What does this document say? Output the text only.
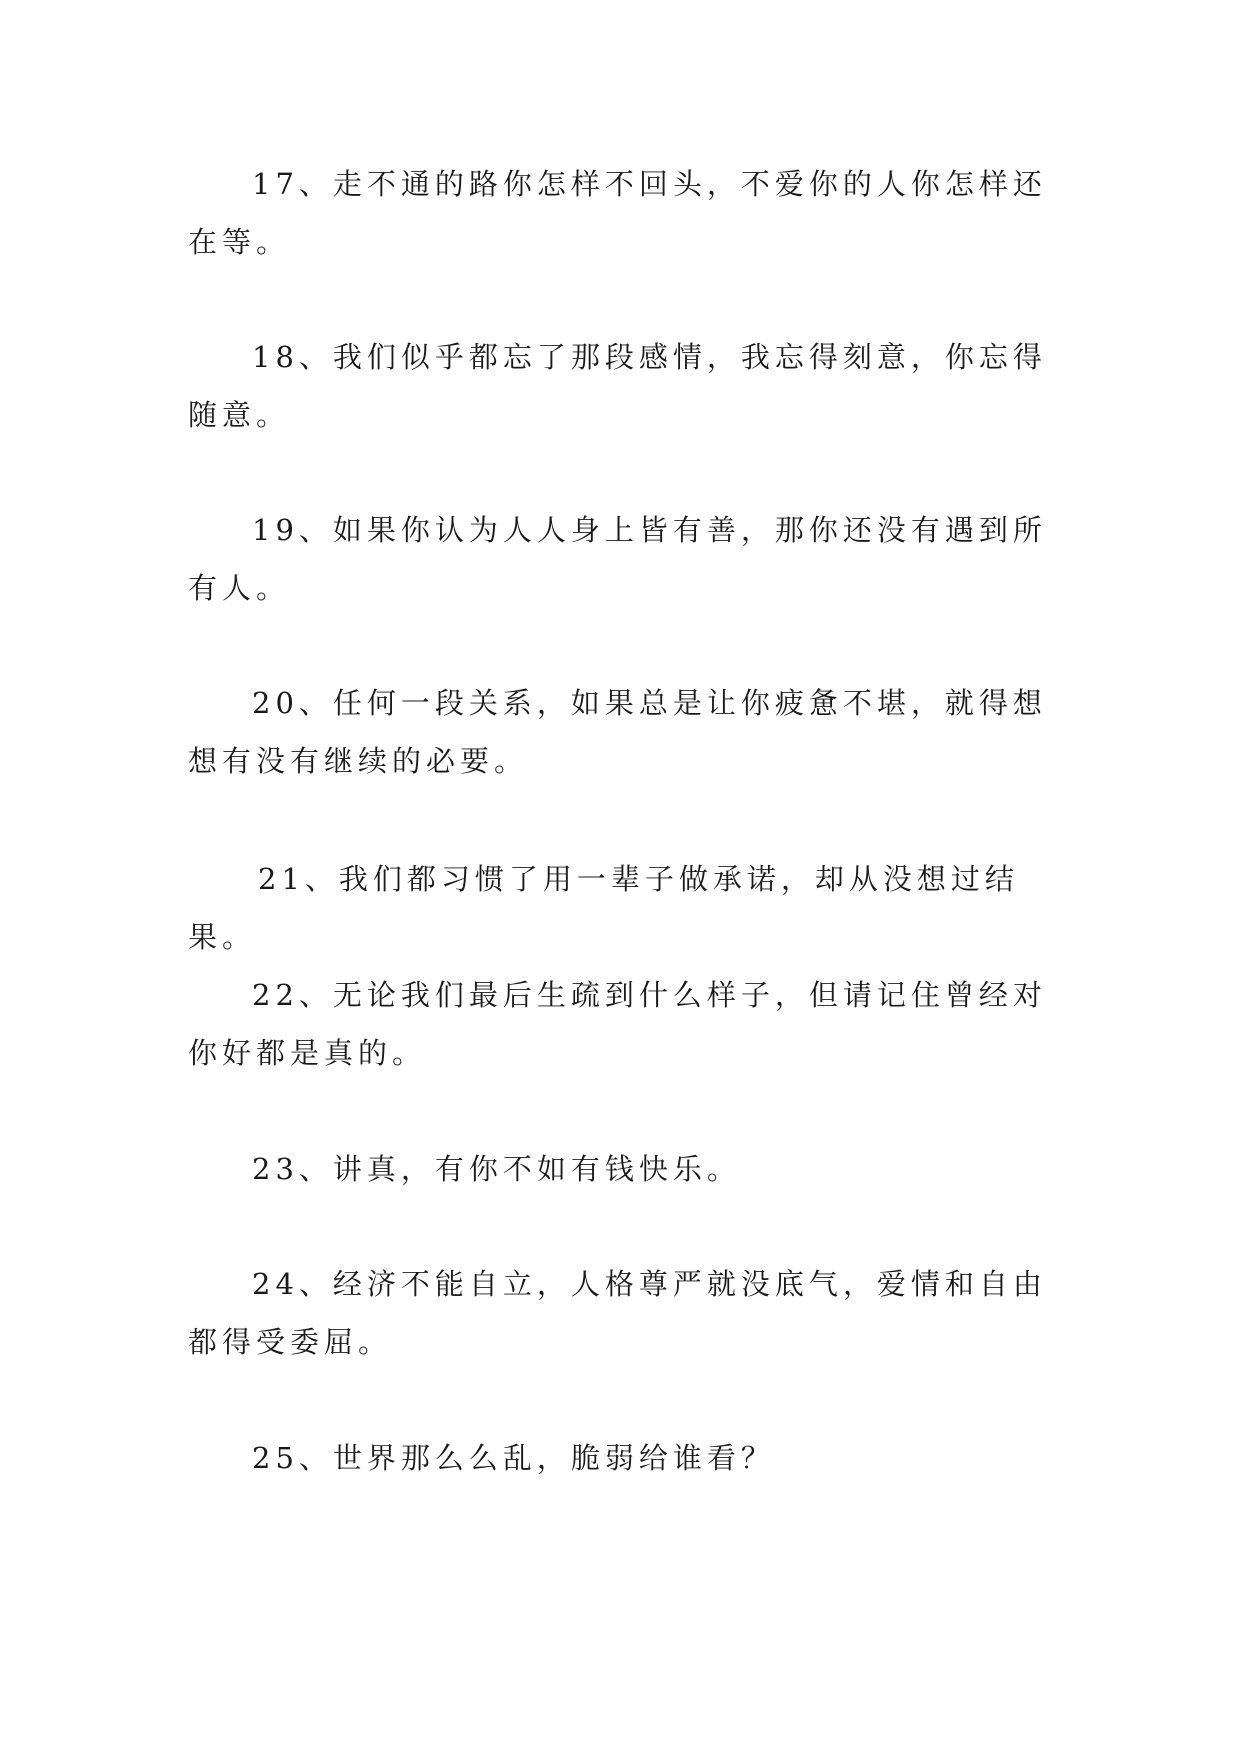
17、走不通的路你怎样不回头，不爱你的人你怎样还在等。

18、我们似乎都忘了那段感情，我忘得刻意，你忘得随意。

19、如果你认为人人身上皆有善，那你还没有遇到所有人。

20、任何一段关系，如果总是让你疲惫不堪，就得想想有没有继续的必要。

21、我们都习惯了用一辈子做承诺，却从没想过结果。

22、无论我们最后生疏到什么样子，但请记住曾经对你好都是真的。

23、讲真，有你不如有钱快乐。

24、经济不能自立，人格尊严就没底气，爱情和自由都得受委屈。

25、世界那么么乱，脆弱给谁看？
